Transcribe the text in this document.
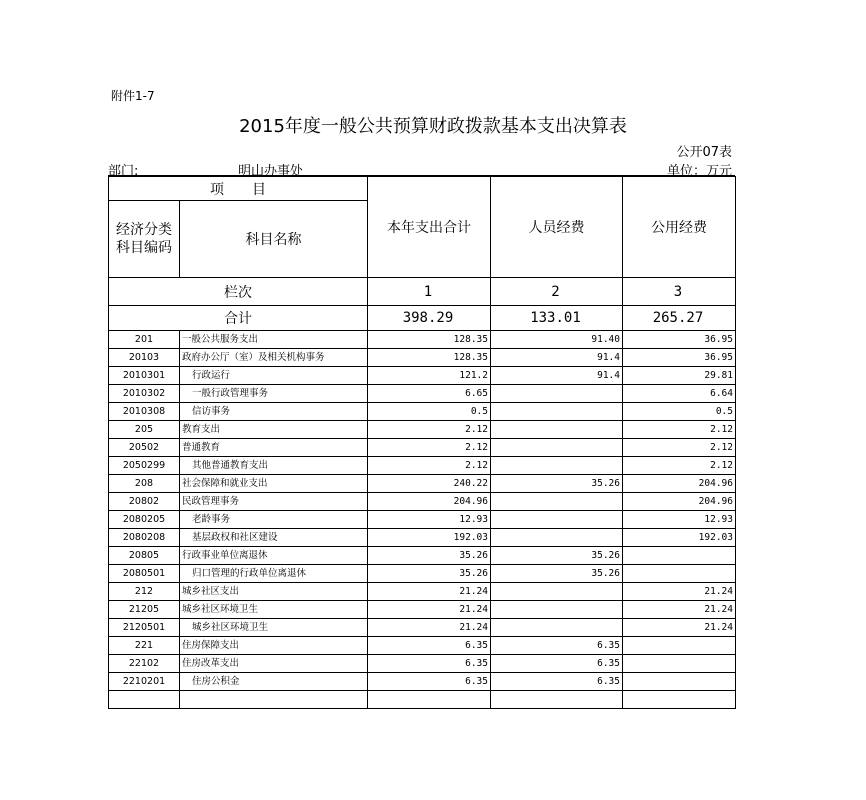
附件1-7
2015年度一般公共预算财政拨款基本支出决算表
公开07表
部门:	明山办事处	单位：万元
项　　目		本年支出合计	人员经费	公用经费
经济分类
科目编码	科目名称			
栏次		1	2	3
合计		398.29	133.01	265.27
201	一般公共服务支出	128.35	91.40	36.95
20103	政府办公厅（室）及相关机构事务	128.35	91.4	36.95
2010301	行政运行	121.2	91.4	29.81
2010302	一般行政管理事务	6.65		6.64
2010308	信访事务	0.5		0.5
205	教育支出	2.12		2.12
20502	普通教育	2.12		2.12
2050299	其他普通教育支出	2.12		2.12
208	社会保障和就业支出	240.22	35.26	204.96
20802	民政管理事务	204.96		204.96
2080205	老龄事务	12.93		12.93
2080208	基层政权和社区建设	192.03		192.03
20805	行政事业单位离退休	35.26	35.26	
2080501	归口管理的行政单位离退休	35.26	35.26	
212	城乡社区支出	21.24		21.24
21205	城乡社区环境卫生	21.24		21.24
2120501	城乡社区环境卫生	21.24		21.24
221	住房保障支出	6.35	6.35	
22102	住房改革支出	6.35	6.35	
2210201	住房公积金	6.35	6.35	
